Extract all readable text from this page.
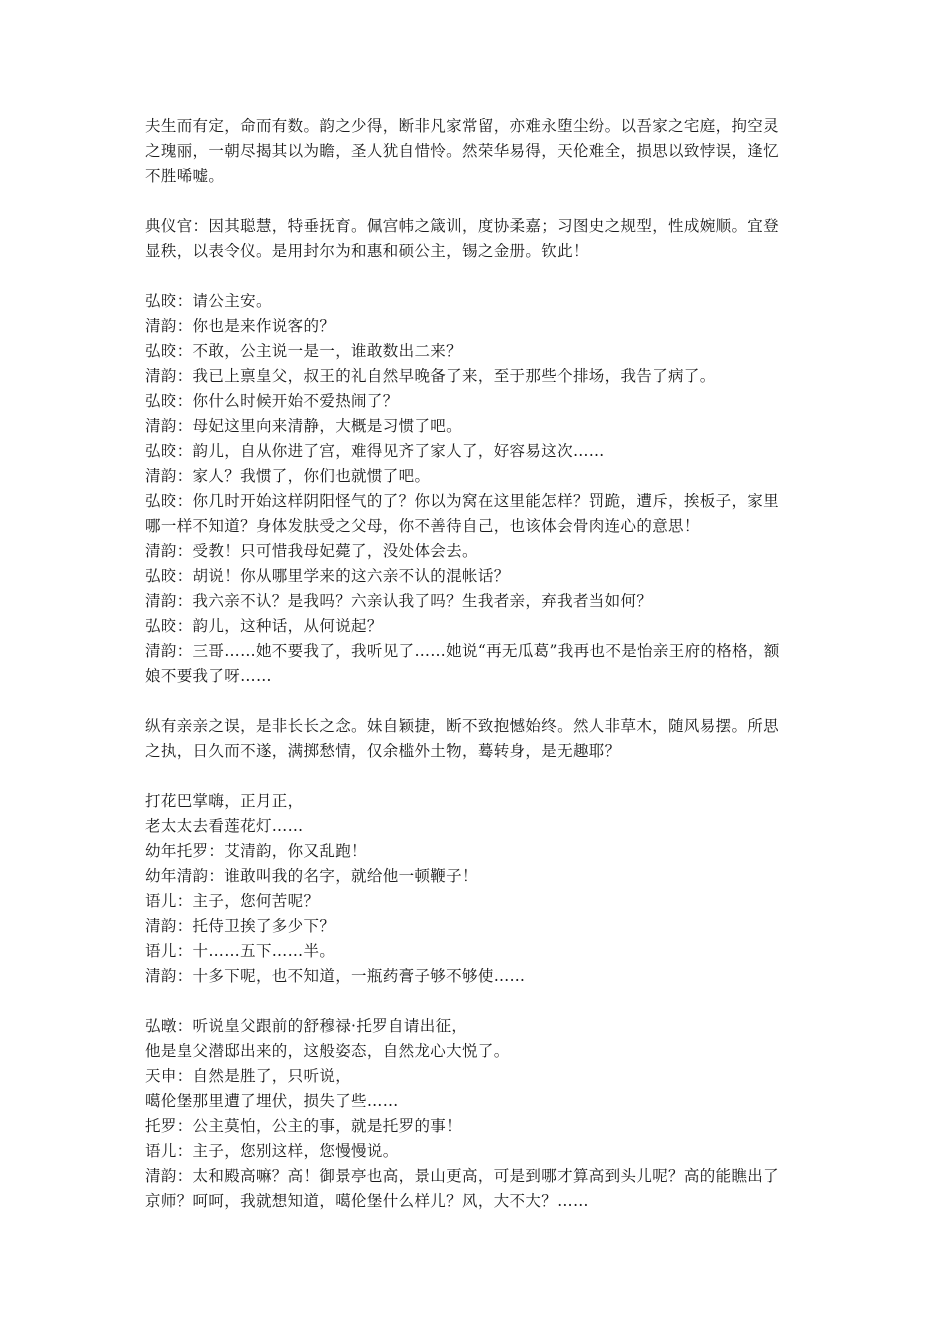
夫生而有定，命而有数。韵之少得，断非凡家常留，亦难永堕尘纷。以吾家之宅庭，拘空灵
之瑰丽，一朝尽揭其以为瞻，圣人犹自惜怜。然荣华易得，天伦难全，损思以致悖误，逢忆
不胜唏嘘。
典仪官：因其聪慧，特垂抚育。佩宫帏之箴训，度协柔嘉；习图史之规型，性成婉顺。宜登
显秩，以表令仪。是用封尔为和惠和硕公主，锡之金册。钦此！
弘晈：请公主安。
清韵：你也是来作说客的？
弘晈：不敢，公主说一是一，谁敢数出二来？
清韵：我已上禀皇父，叔王的礼自然早晚备了来，至于那些个排场，我告了病了。
弘晈：你什么时候开始不爱热闹了？
清韵：母妃这里向来清静，大概是习惯了吧。
弘晈：韵儿，自从你进了宫，难得见齐了家人了，好容易这次……
清韵：家人？我惯了，你们也就惯了吧。
弘晈：你几时开始这样阴阳怪气的了？你以为窝在这里能怎样？罚跪，遭斥，挨板子，家里
哪一样不知道？身体发肤受之父母，你不善待自己，也该体会骨肉连心的意思！
清韵：受教！只可惜我母妃薨了，没处体会去。
弘晈：胡说！你从哪里学来的这六亲不认的混帐话？
清韵：我六亲不认？是我吗？六亲认我了吗？生我者亲，弃我者当如何？
弘晈：韵儿，这种话，从何说起？
清韵：三哥……她不要我了，我听见了……她说“再无瓜葛”我再也不是怡亲王府的格格，额
娘不要我了呀……
纵有亲亲之误，是非长长之念。妹自颖捷，断不致抱憾始终。然人非草木，随风易摆。所思
之执，日久而不遂，满掷愁情，仅余槛外土物，蓦转身，是无趣耶？
打花巴掌嗨，正月正，
老太太去看莲花灯……
幼年托罗：艾清韵，你又乱跑！
幼年清韵：谁敢叫我的名字，就给他一顿鞭子！
语儿：主子，您何苦呢？
清韵：托侍卫挨了多少下？
语儿：十……五下……半。
清韵：十多下呢，也不知道，一瓶药膏子够不够使……
弘暾：听说皇父跟前的舒穆禄·托罗自请出征，
他是皇父潜邸出来的，这般姿态，自然龙心大悦了。
天申：自然是胜了，只听说，
噶伦堡那里遭了埋伏，损失了些……
托罗：公主莫怕，公主的事，就是托罗的事！
语儿：主子，您别这样，您慢慢说。
清韵：太和殿高嘛？高！御景亭也高，景山更高，可是到哪才算高到头儿呢？高的能瞧出了
京师？呵呵，我就想知道，噶伦堡什么样儿？风，大不大？……
